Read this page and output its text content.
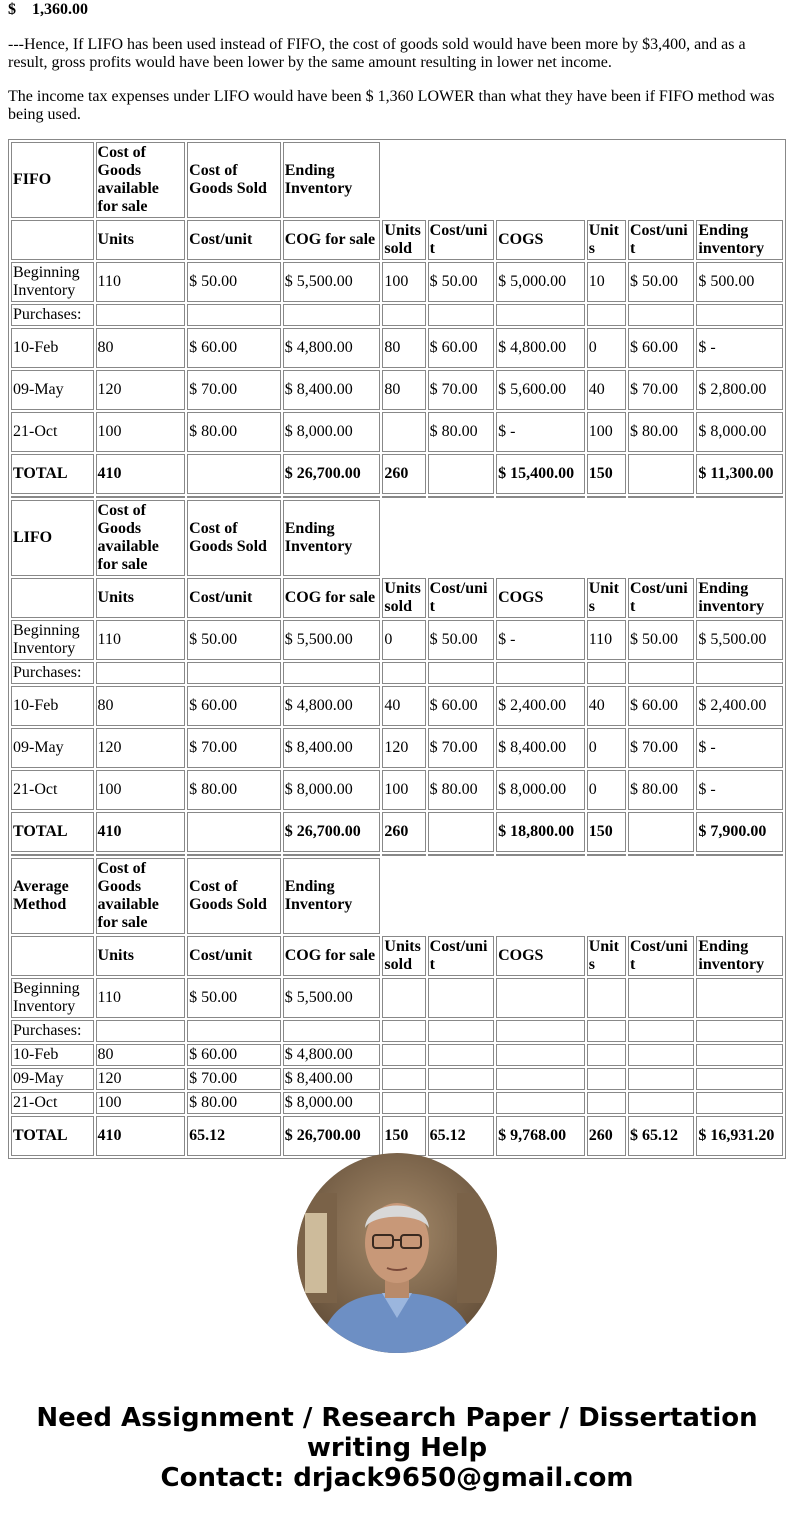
$ 1,360.00

---Hence, If LIFO has been used instead of FIFO, the cost of goods sold would have been more by $3,400, and as a result, gross profits would have been lower by the same amount resulting in lower net income.

The income tax expenses under LIFO would have been $ 1,360 LOWER than what they have been if FIFO method was being used.

FIFO	Cost of Goods available for sale	Cost of Goods Sold	Ending Inventory						
	Units	Cost/unit	COG for sale	Units sold	Cost/unit	COGS	Units	Cost/unit	Ending inventory
Beginning Inventory	110	$ 50.00	$ 5,500.00	100	$ 50.00	$ 5,000.00	10	$ 50.00	$ 500.00
Purchases:									
10-Feb	80	$ 60.00	$ 4,800.00	80	$ 60.00	$ 4,800.00	0	$ 60.00	$ -
09-May	120	$ 70.00	$ 8,400.00	80	$ 70.00	$ 5,600.00	40	$ 70.00	$ 2,800.00
21-Oct	100	$ 80.00	$ 8,000.00		$ 80.00	$ -	100	$ 80.00	$ 8,000.00
TOTAL	410		$ 26,700.00	260		$ 15,400.00	150		$ 11,300.00

LIFO	Cost of Goods available for sale	Cost of Goods Sold	Ending Inventory						
	Units	Cost/unit	COG for sale	Units sold	Cost/unit	COGS	Units	Cost/unit	Ending inventory
Beginning Inventory	110	$ 50.00	$ 5,500.00	0	$ 50.00	$ -	110	$ 50.00	$ 5,500.00
Purchases:									
10-Feb	80	$ 60.00	$ 4,800.00	40	$ 60.00	$ 2,400.00	40	$ 60.00	$ 2,400.00
09-May	120	$ 70.00	$ 8,400.00	120	$ 70.00	$ 8,400.00	0	$ 70.00	$ -
21-Oct	100	$ 80.00	$ 8,000.00	100	$ 80.00	$ 8,000.00	0	$ 80.00	$ -
TOTAL	410		$ 26,700.00	260		$ 18,800.00	150		$ 7,900.00

Average Method	Cost of Goods available for sale	Cost of Goods Sold	Ending Inventory						
	Units	Cost/unit	COG for sale	Units sold	Cost/unit	COGS	Units	Cost/unit	Ending inventory
Beginning Inventory	110	$ 50.00	$ 5,500.00						
Purchases:									
10-Feb	80	$ 60.00	$ 4,800.00						
09-May	120	$ 70.00	$ 8,400.00						
21-Oct	100	$ 80.00	$ 8,000.00						
TOTAL	410	65.12	$ 26,700.00	150	65.12	$ 9,768.00	260	$ 65.12	$ 16,931.20
Need Assignment / Research Paper / Dissertation writing Help
Contact: drjack9650@gmail.com
